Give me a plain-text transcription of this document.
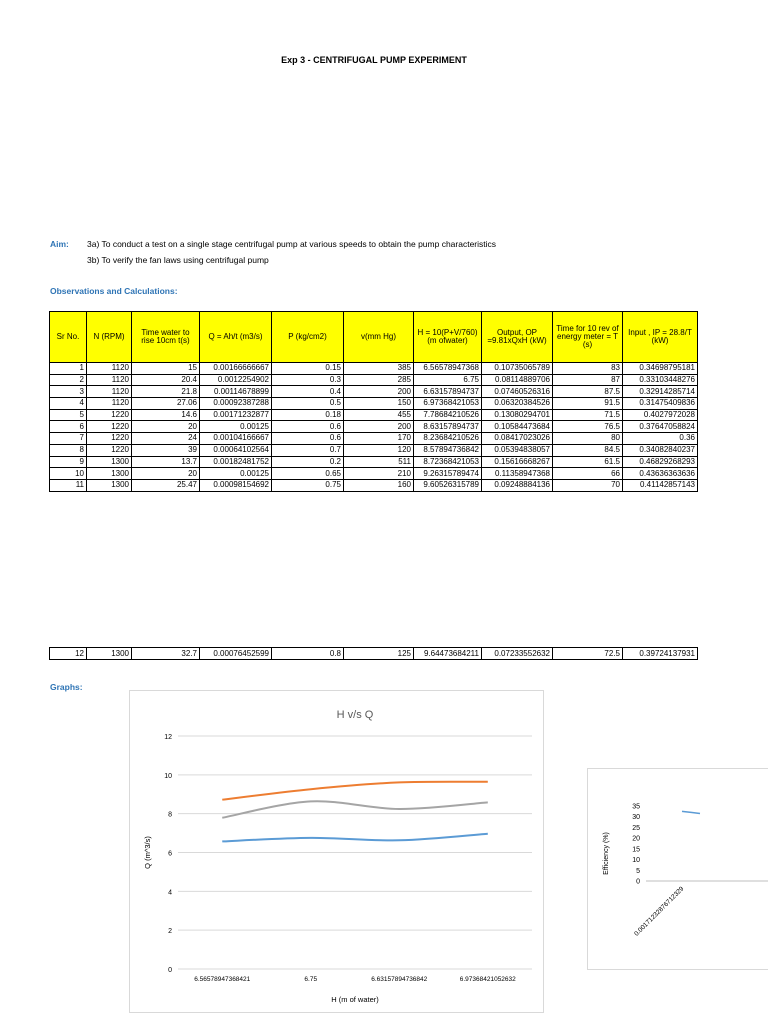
Exp 3 - CENTRIFUGAL PUMP EXPERIMENT
Aim: 3a) To conduct a test on a single stage centrifugal pump at various speeds to obtain the pump characteristics
3b) To verify the fan laws using centrifugal pump
Observations and Calculations:
Sr No.	N (RPM)	Time water to rise 10cm t(s)	Q = Ah/t (m3/s)	P (kg/cm2)	v(mm Hg)	H = 10(P+V/760) (m ofwater)	Output, OP =9.81xQxH (kW)	Time for 10 rev of energy meter = T (s)	Input , IP = 28.8/T (kW)
1	1120	15	0.00166666667	0.15	385	6.56578947368	0.10735065789	83	0.34698795181
2	1120	20.4	0.0012254902	0.3	285	6.75	0.08114889706	87	0.33103448276
3	1120	21.8	0.00114678899	0.4	200	6.63157894737	0.07460526316	87.5	0.32914285714
4	1120	27.06	0.00092387288	0.5	150	6.97368421053	0.06320384526	91.5	0.31475409836
5	1220	14.6	0.00171232877	0.18	455	7.78684210526	0.13080294701	71.5	0.4027972028
6	1220	20	0.00125	0.6	200	8.63157894737	0.10584473684	76.5	0.37647058824
7	1220	24	0.00104166667	0.6	170	8.23684210526	0.08417023026	80	0.36
8	1220	39	0.00064102564	0.7	120	8.57894736842	0.05394838057	84.5	0.34082840237
9	1300	13.7	0.00182481752	0.2	511	8.72368421053	0.15616668267	61.5	0.46829268293
10	1300	20	0.00125	0.65	210	9.26315789474	0.11358947368	66	0.43636363636
11	1300	25.47	0.00098154692	0.75	160	9.60526315789	0.09248884136	70	0.41142857143
12	1300	32.7	0.00076452599	0.8	125	9.64473684211	0.07233552632	72.5	0.39724137931
Graphs:
H v/s Q
0
2
4
6
8
10
12
6.56578947368421	6.75	6.63157894736842	6.97368421052632
H (m of water)
Q (m^3/s)
0
5
10
15
20
25
30
35
Efficiency (%)
0.00171232876712329
